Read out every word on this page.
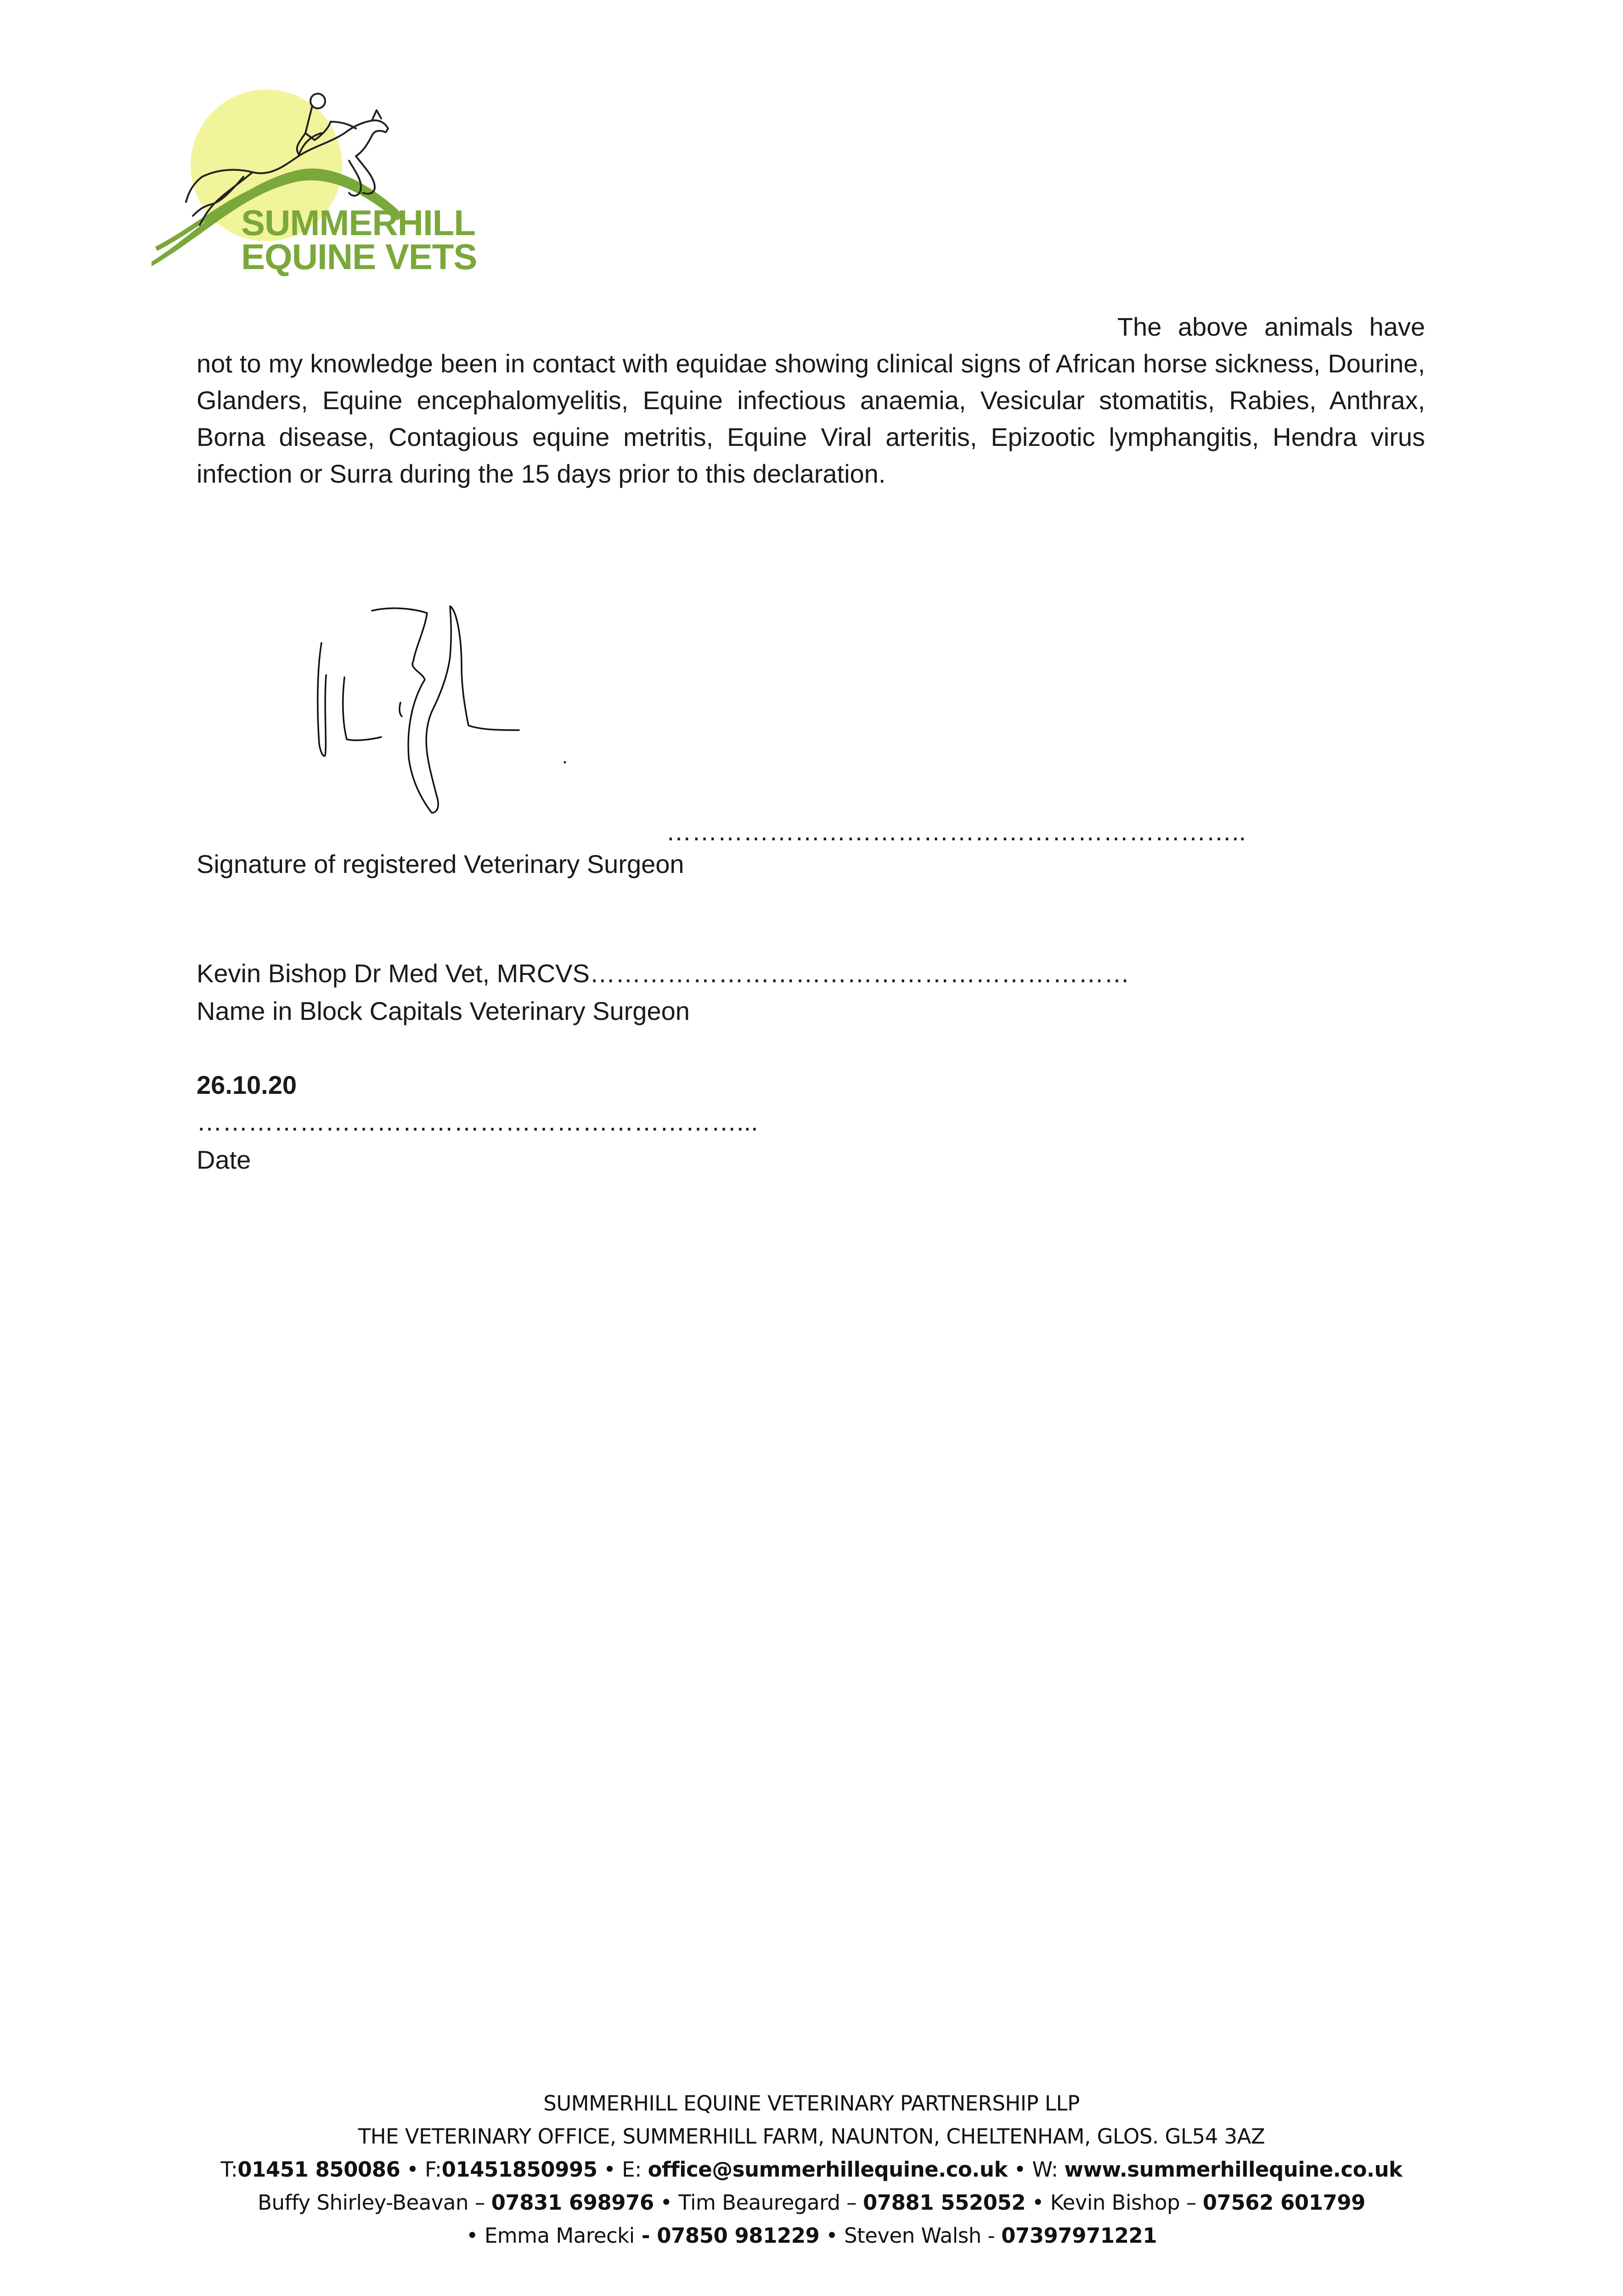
SUMMERHILL
EQUINE VETS
The above animals have
not to my knowledge been in contact with equidae showing clinical signs of African horse sickness, Dourine, Glanders, Equine encephalomyelitis, Equine infectious anaemia, Vesicular stomatitis, Rabies, Anthrax, Borna disease, Contagious equine metritis, Equine Viral arteritis, Epizootic lymphangitis, Hendra virus infection or Surra during the 15 days prior to this declaration.
…………………………………………………………..
Signature of registered Veterinary Surgeon
Kevin Bishop Dr Med Vet, MRCVS………………………………………………………
Name in Block Capitals Veterinary Surgeon
26.10.20
………………………………………………………...
Date
SUMMERHILL EQUINE VETERINARY PARTNERSHIP LLP
THE VETERINARY OFFICE, SUMMERHILL FARM, NAUNTON, CHELTENHAM, GLOS. GL54 3AZ
T:01451 850086 • F:01451850995 • E: office@summerhillequine.co.uk • W: www.summerhillequine.co.uk
Buffy Shirley-Beavan – 07831 698976 • Tim Beauregard – 07881 552052 • Kevin Bishop – 07562 601799
• Emma Marecki - 07850 981229 • Steven Walsh - 07397971221
